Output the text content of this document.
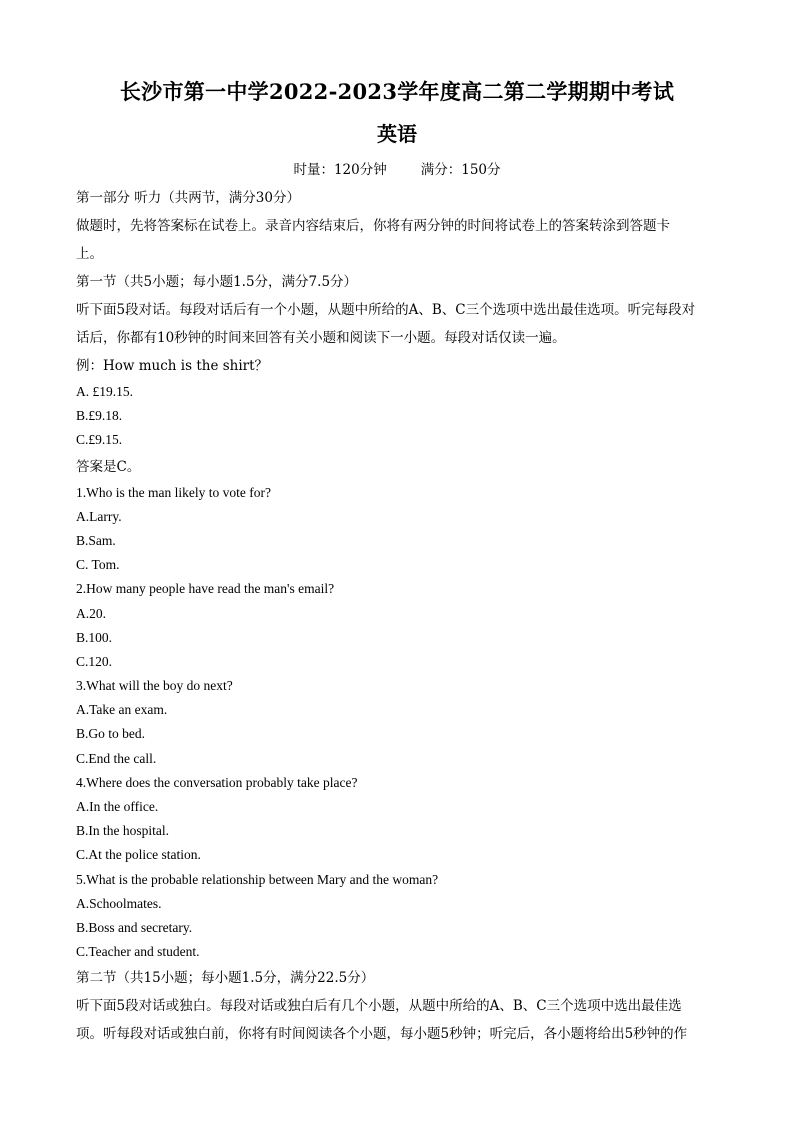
长沙市第一中学2022-2023学年度高二第二学期期中考试
英语
时量：120分钟	满分：150分
第一部分 听力（共两节，满分30分）
做题时，先将答案标在试卷上。录音内容结束后，你将有两分钟的时间将试卷上的答案转涂到答题卡
上。
第一节（共5小题；每小题1.5分，满分7.5分）
听下面5段对话。每段对话后有一个小题，从题中所给的A、B、C三个选项中选出最佳选项。听完每段对
话后，你都有10秒钟的时间来回答有关小题和阅读下一小题。每段对话仅读一遍。
例：How much is the shirt？
A. £19.15.
B.£9.18.
C.£9.15.
答案是C。
1.Who is the man likely to vote for?
A.Larry.
B.Sam.
C. Tom.
2.How many people have read the man's email?
A.20.
B.100.
C.120.
3.What will the boy do next?
A.Take an exam.
B.Go to bed.
C.End the call.
4.Where does the conversation probably take place?
A.In the office.
B.In the hospital.
C.At the police station.
5.What is the probable relationship between Mary and the woman?
A.Schoolmates.
B.Boss and secretary.
C.Teacher and student.
第二节（共15小题；每小题1.5分，满分22.5分）
听下面5段对话或独白。每段对话或独白后有几个小题，从题中所给的A、B、C三个选项中选出最佳选
项。听每段对话或独白前，你将有时间阅读各个小题，每小题5秒钟；听完后，各小题将给出5秒钟的作
